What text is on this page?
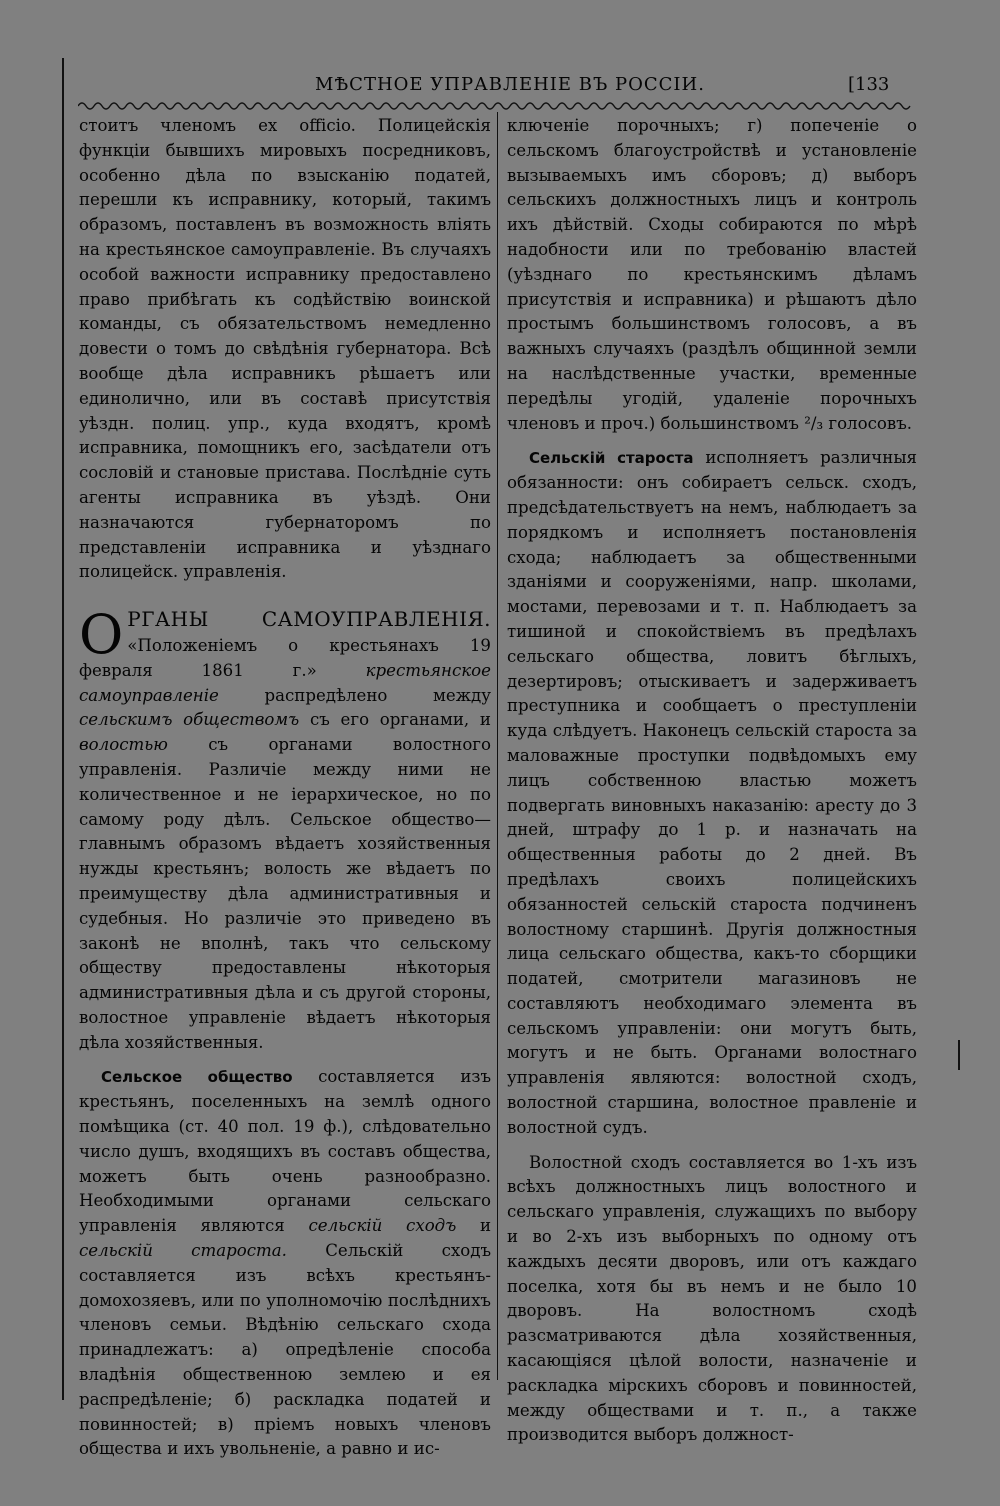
МѢСТНОЕ УПРАВЛЕНІЕ ВЪ РОССІИ.	[133

стоитъ членомъ ex officio. Полицейскія функціи бывшихъ мировыхъ посредниковъ, особенно дѣла по взысканію податей, перешли къ исправнику, который, такимъ образомъ, поставленъ въ возможность вліять на крестьянское самоуправленіе. Въ случаяхъ особой важности исправнику предоставлено право прибѣгать къ содѣйствію воинской команды, съ обязательствомъ немедленно довести о томъ до свѣдѣнія губернатора. Всѣ вообще дѣла исправникъ рѣшаетъ или единолично, или въ составѣ присутствія уѣздн. полиц. упр., куда входятъ, кромѣ исправника, помощникъ его, засѣдатели отъ сословій и становые пристава. Послѣдніе суть агенты исправника въ уѣздѣ. Они назначаются губернаторомъ по представленіи исправника и уѣзднаго полицейск. управленія.

ОРГАНЫ САМОУПРАВЛЕНІЯ. «Положеніемъ о крестьянахъ 19 февраля 1861 г.» крестьянское самоуправленіе распредѣлено между сельскимъ обществомъ съ его органами, и волостью съ органами волостного управленія. Различіе между ними не количественное и не іерархическое, но по самому роду дѣлъ. Сельское общество—главнымъ образомъ вѣдаетъ хозяйственныя нужды крестьянъ; волость же вѣдаетъ по преимуществу дѣла административныя и судебныя. Но различіе это приведено въ законѣ не вполнѣ, такъ что сельскому обществу предоставлены нѣкоторыя административныя дѣла и съ другой стороны, волостное управленіе вѣдаетъ нѣкоторыя дѣла хозяйственныя.

Сельское общество составляется изъ крестьянъ, поселенныхъ на землѣ одного помѣщика (ст. 40 пол. 19 ф.), слѣдовательно число душъ, входящихъ въ составъ общества, можетъ быть очень разнообразно. Необходимыми органами сельскаго управленія являются сельскій сходъ и сельскій староста. Сельскій сходъ составляется изъ всѣхъ крестьянъ-домохозяевъ, или по уполномочію послѣднихъ членовъ семьи. Вѣдѣнію сельскаго схода принадлежатъ: а) опредѣленіе способа владѣнія общественною землею и ея распредѣленіе; б) раскладка податей и повинностей; в) пріемъ новыхъ членовъ общества и ихъ увольненіе, а равно и ис-

ключеніе порочныхъ; г) попеченіе о сельскомъ благоустройствѣ и установленіе вызываемыхъ имъ сборовъ; д) выборъ сельскихъ должностныхъ лицъ и контроль ихъ дѣйствій. Сходы собираются по мѣрѣ надобности или по требованію властей (уѣзднаго по крестьянскимъ дѣламъ присутствія и исправника) и рѣшаютъ дѣло простымъ большинствомъ голосовъ, а въ важныхъ случаяхъ (раздѣлъ общинной земли на наслѣдственные участки, временные передѣлы угодій, удаленіе порочныхъ членовъ и проч.) большинствомъ ²/₃ голосовъ.

Сельскій староста исполняетъ различныя обязанности: онъ собираетъ сельск. сходъ, предсѣдательствуетъ на немъ, наблюдаетъ за порядкомъ и исполняетъ постановленія схода; наблюдаетъ за общественными зданіями и сооруженіями, напр. школами, мостами, перевозами и т. п. Наблюдаетъ за тишиной и спокойствіемъ въ предѣлахъ сельскаго общества, ловитъ бѣглыхъ, дезертировъ; отыскиваетъ и задерживаетъ преступника и сообщаетъ о преступленіи куда слѣдуетъ. Наконецъ сельскій староста за маловажные проступки подвѣдомыхъ ему лицъ собственною властью можетъ подвергать виновныхъ наказанію: аресту до 3 дней, штрафу до 1 р. и назначать на общественныя работы до 2 дней. Въ предѣлахъ своихъ полицейскихъ обязанностей сельскій староста подчиненъ волостному старшинѣ. Другія должностныя лица сельскаго общества, какъ-то сборщики податей, смотрители магазиновъ не составляютъ необходимаго элемента въ сельскомъ управленіи: они могутъ быть, могутъ и не быть. Органами волостнаго управленія являются: волостной сходъ, волостной старшина, волостное правленіе и волостной судъ.

Волостной сходъ составляется во 1-хъ изъ всѣхъ должностныхъ лицъ волостного и сельскаго управленія, служащихъ по выбору и во 2-хъ изъ выборныхъ по одному отъ каждыхъ десяти дворовъ, или отъ каждаго поселка, хотя бы въ немъ и не было 10 дворовъ. На волостномъ сходѣ разсматриваются дѣла хозяйственныя, касающіяся цѣлой волости, назначеніе и раскладка мірскихъ сборовъ и повинностей, между обществами и т. п., а также производится выборъ должност-
